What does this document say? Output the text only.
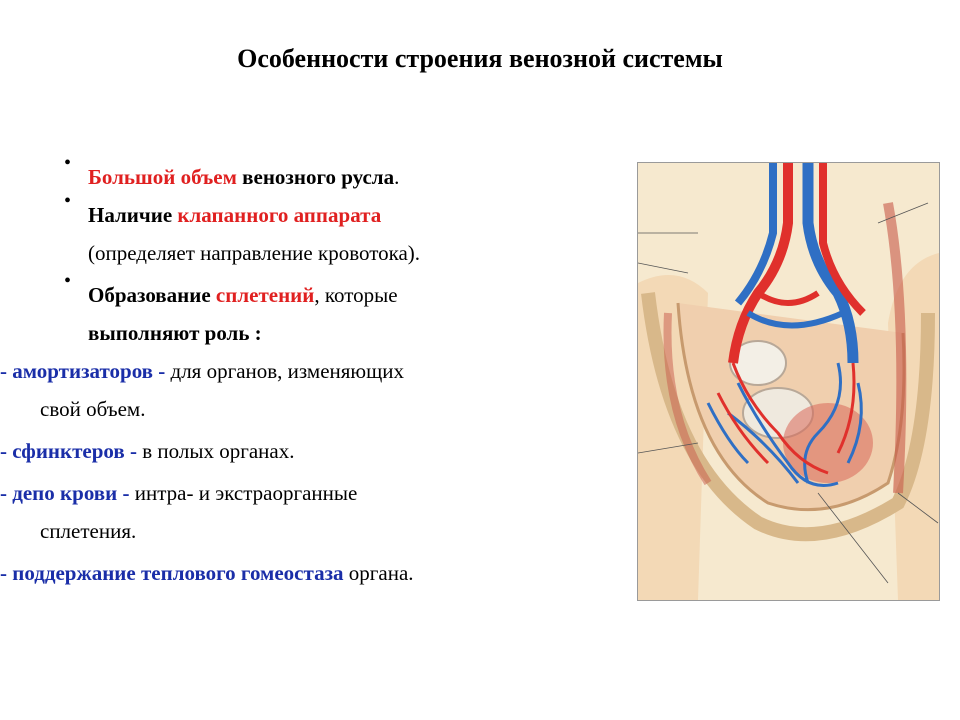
Особенности строения венозной системы
•
Большой объем венозного русла.
•
Наличие клапанного аппарата
(определяет направление кровотока).
•
Образование сплетений, которые
выполняют роль :
- амортизаторов - для органов, изменяющих
свой объем.
- сфинктеров - в полых органах.
- депо крови - интра- и экстраорганные
сплетения.
- поддержание теплового гомеостаза органа.
